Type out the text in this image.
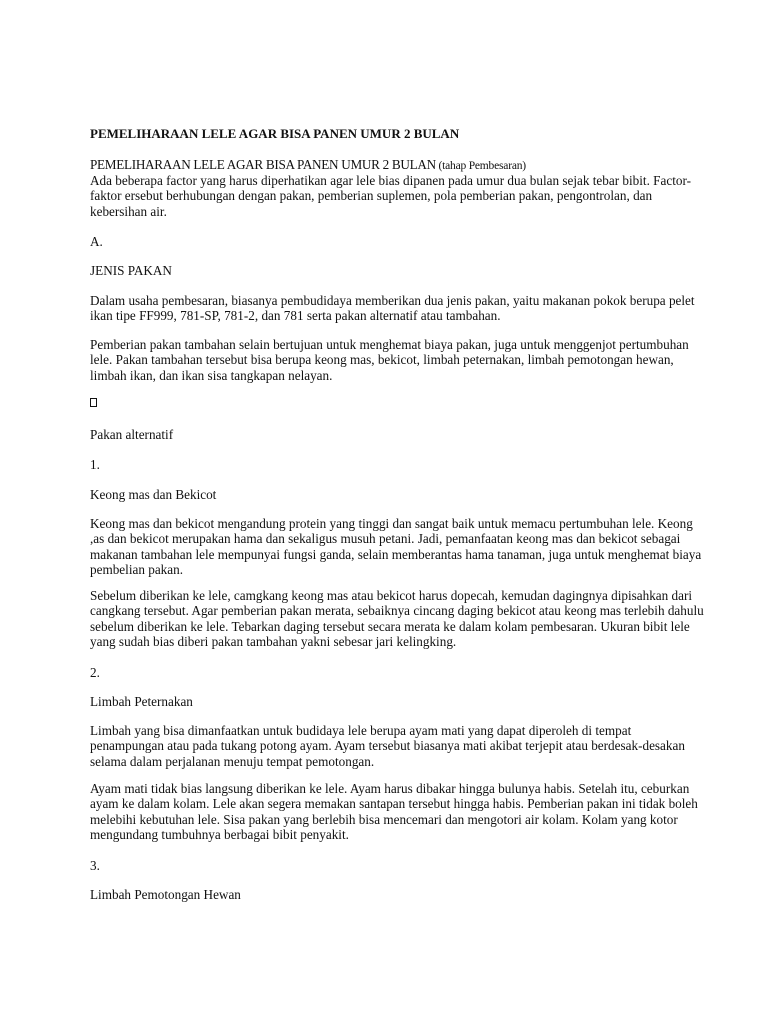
PEMELIHARAAN LELE AGAR BISA PANEN UMUR 2 BULAN

PEMELIHARAAN LELE AGAR BISA PANEN UMUR 2 BULAN (tahap Pembesaran)

Ada beberapa factor yang harus diperhatikan agar lele bias dipanen pada umur dua bulan sejak tebar bibit. Factor-
faktor ersebut berhubungan dengan pakan, pemberian suplemen, pola pemberian pakan, pengontrolan, dan
kebersihan air.

A.

JENIS PAKAN

Dalam usaha pembesaran, biasanya pembudidaya memberikan dua jenis pakan, yaitu makanan pokok berupa pelet
ikan tipe FF999, 781-SP, 781-2, dan 781 serta pakan alternatif atau tambahan.
Pemberian pakan tambahan selain bertujuan untuk menghemat biaya pakan, juga untuk menggenjot pertumbuhan
lele. Pakan tambahan tersebut bisa berupa keong mas, bekicot, limbah peternakan, limbah pemotongan hewan,
limbah ikan, dan ikan sisa tangkapan nelayan.

Pakan alternatif

1.

Keong mas dan Bekicot

Keong mas dan bekicot mengandung protein yang tinggi dan sangat baik untuk memacu pertumbuhan lele. Keong
,as dan bekicot merupakan hama dan sekaligus musuh petani. Jadi, pemanfaatan keong mas dan bekicot sebagai
makanan tambahan lele mempunyai fungsi ganda, selain memberantas hama tanaman, juga untuk menghemat biaya
pembelian pakan.
Sebelum diberikan ke lele, camgkang keong mas atau bekicot harus dopecah, kemudan dagingnya dipisahkan dari
cangkang tersebut. Agar pemberian pakan merata, sebaiknya cincang daging bekicot atau keong mas terlebih dahulu
sebelum diberikan ke lele. Tebarkan daging tersebut secara merata ke dalam kolam pembesaran. Ukuran bibit lele
yang sudah bias diberi pakan tambahan yakni sebesar jari kelingking.

2.

Limbah Peternakan

Limbah yang bisa dimanfaatkan untuk budidaya lele berupa ayam mati yang dapat diperoleh di tempat
penampungan atau pada tukang potong ayam. Ayam tersebut biasanya mati akibat terjepit atau berdesak-desakan
selama dalam perjalanan menuju tempat pemotongan.
Ayam mati tidak bias langsung diberikan ke lele. Ayam harus dibakar hingga bulunya habis. Setelah itu, ceburkan
ayam ke dalam kolam. Lele akan segera memakan santapan tersebut hingga habis. Pemberian pakan ini tidak boleh
melebihi kebutuhan lele. Sisa pakan yang berlebih bisa mencemari dan mengotori air kolam. Kolam yang kotor
mengundang tumbuhnya berbagai bibit penyakit.

3.

Limbah Pemotongan Hewan
